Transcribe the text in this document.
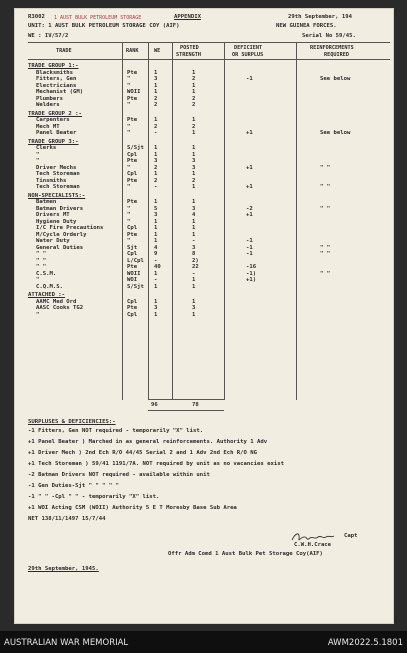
R3002 1 AUST BULK PETROLEUM STORAGE	APPENDIX	29th September, 194
UNIT: 1 AUST BULK PETROLEUM STORAGE COY (AIF)	NEW GUINEA FORCES.
WE : IV/57/2	Serial No 59/45.
TRADE	RANK	WE	POSTED
STRENGTH
DEFICIENT
OR SURPLUS
REINFORCEMENTS
REQUIRED
TRADE GROUP 1:-
Blacksmiths	Pte	1	1
Fitters, Gen	"	3	2	-1	See below
Electricians	"	1	1
Mechanist (GM)	WOII 1	1
Plumbers	Pte	2	2
Welders	"	2	2
TRADE GROUP 2 :-
Carpenters	Pte	1	1
Mech MT	"	2	2
Panel Beater	"	-	1	+1	See below
TRADE GROUP 3:-
Clerks	S/Sjt 1	1
"	Cpl	1	1
"	Pte	3	3
Driver Mechs	"	2	3	+1	" "
Tech Storeman	Cpl	1	1
Tinsmiths	Pte	2	2
Tech Storeman	"	-	1	+1	" "
NON-SPECIALISTS:-
Batmen	Pte	1	1
Batman Drivers	"	5	3	-2	" "
Drivers MT	"	3	4	+1
Hygiene Duty	"	1	1
I/C Fire Precautions	Cpl	1	1
M/Cycle Orderly	Pte	1	1
Water Duty	"	1	-	-1
General Duties	Sjt	4	3	-1	" "
" "	Cpl	9	8	-1	" "
" "	L/Cpl -	2)
" "	Pte	40	22	-16
C.S.M.	WOII 1	-	-1)	" "
"	WOI	-	1	+1)
C.Q.M.S.	S/Sjt 1	1
ATTACHED :-
AAMC Med Ord	Cpl	1	1
AASC Cooks TG2	Pte	3	3
"	Cpl	1	1
96	78
SURPLUSES & DEFICIENCIES:-
-1 Fitters, Gen NOT required - temporarily "X" list.
+1 Panel Beater ) Marched in as general reinforcements. Authority 1 Adv
+1 Driver Mech ) 2nd Ech R/O 44/45 Serial 2 and 1 Adv 2nd Ech R/O NG
+1 Tech Storeman ) 59/41 1191/7A. NOT required by unit as no vacancies exist
-2 Batman Drivers NOT required - available within unit
-1 Gen Duties-Sjt " " " " "
-1 " " -Cpl " " - temporarily "X" list.
+1 WOI Acting CSM (WOII) Authority 5 E T Moresby Base Sub Area
NET 138/11/1497 15/7/44
Capt
C.W.H.Crace
Offr Adm Comd 1 Aust Bulk Pet Storage Coy(AIF)
29th September, 1945.
AUSTRALIAN WAR MEMORIAL	AWM2022.5.1801
